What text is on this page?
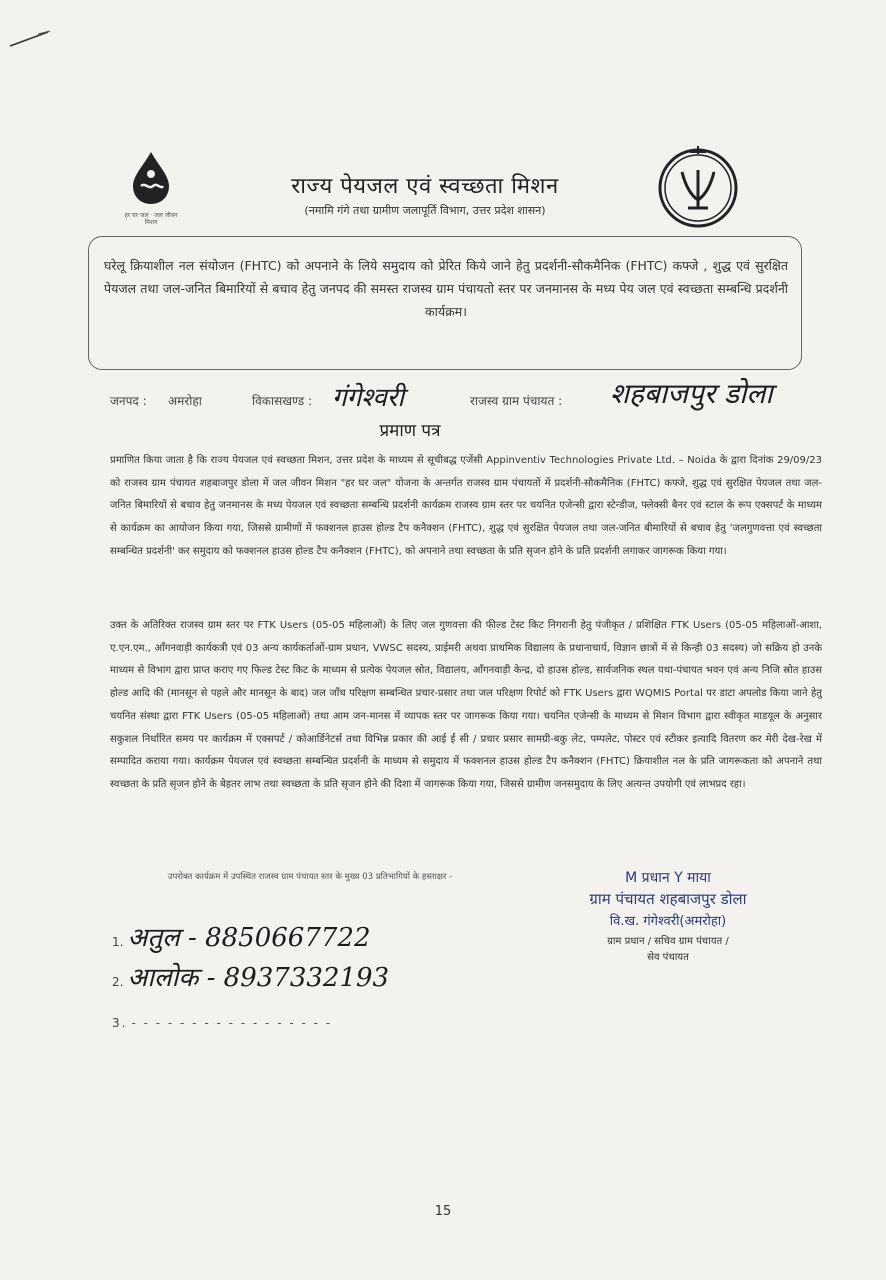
हर घर जल · जल जीवन मिशन
राज्य पेयजल एवं स्वच्छता मिशन
(नमामि गंगे तथा ग्रामीण जलापूर्ति विभाग, उत्तर प्रदेश शासन)
घरेलू क्रियाशील नल संयोजन (FHTC) को अपनाने के लिये समुदाय को प्रेरित किये जाने हेतु प्रदर्शनी-सौकमैनिक (FHTC) कफ्जे , शुद्ध एवं सुरक्षित पेयजल तथा जल-जनित बिमारियों से बचाव हेतु जनपद की समस्त राजस्व ग्राम पंचायतो स्तर पर जनमानस के मध्य पेय जल एवं स्वच्छता सम्बन्धि प्रदर्शनी कार्यक्रम।
जनपद : अमरोहा	विकासखण्ड : गंगेश्वरी	राजस्व ग्राम पंचायत : शहबाजपुर डोला
प्रमाण पत्र
प्रमाणित किया जाता है कि राज्य पेयजल एवं स्वच्छता मिशन, उत्तर प्रदेश के माध्यम से सूचीबद्ध एजेंसी Appinventiv Technologies Private Ltd. – Noida के द्वारा दिनांक 29/09/23 को राजस्व ग्राम पंचायत शहबाजपुर डोला में जल जीवन मिशन "हर घर जल" योजना के अन्तर्गत राजस्व ग्राम पंचायतों में प्रदर्शनी-सौकमैनिक (FHTC) कफ्जे, शुद्ध एवं सुरक्षित पेयजल तथा जल-जनित बिमारियों से बचाव हेतु जनमानस के मध्य पेयजल एवं स्वच्छता सम्बन्धि प्रदर्शनी कार्यक्रम राजस्व ग्राम स्तर पर चयनित एजेन्सी द्वारा स्टेन्डीज, फ्लेक्सी बैनर एवं स्टाल के रूप एक्सपर्ट के माध्यम से कार्यक्रम का आयोजन किया गया, जिससे ग्रामीणों में फक्शनल हाउस होल्ड टैप कनैक्शन (FHTC), शुद्ध एवं सुरक्षित पेयजल तथा जल-जनित बीमारियों से बचाव हेतु 'जलगुणवत्ता एवं स्वच्छता सम्बन्धित प्रदर्शनी' कर समुदाय को फक्शनल हाउस होल्ड टैप कनैक्शन (FHTC), को अपनाने तथा स्वच्छता के प्रति सृजन होने के प्रति प्रदर्शनी लगाकर जागरूक किया गया।
उक्त के अतिरिक्त राजस्व ग्राम स्तर पर FTK Users (05-05 महिलाओं) के लिए जल गुणवत्ता की फील्ड टेस्ट किट निगरानी हेतु पंजीकृत / प्रशिक्षित FTK Users (05-05 महिलाओं-आशा, ए.एन.एम., आँगनवाड़ी कार्यकत्री एवं 03 अन्य कार्यकर्ताओं-ग्राम प्रधान, VWSC सदस्य, प्राईमरी अथवा प्राथमिक विद्यालय के प्रधानाचार्य, विज्ञान छात्रों में से किन्ही 03 सदस्य) जो सक्रिय हो उनके माध्यम से विभाग द्वारा प्राप्त कराए गए फिल्ड टेस्ट किट के माध्यम से प्रत्येक पेयजल स्रोत, विद्यालय, आँगनवाड़ी केन्द्र, दो हाउस होल्ड, सार्वजनिक स्थल यथा-पंचायत भवन एवं अन्य निजि स्रोत हाउस होल्ड आदि की (मानसून से पहले और मानसून के बाद) जल जाँच परिक्षण सम्बन्धित प्रचार-प्रसार तथा जल परिक्षण रिपोर्ट को FTK Users द्वारा WQMIS Portal पर डाटा अपलोड किया जाने हेतु चयनित संस्था द्वारा FTK Users (05-05 महिलाओं) तथा आम जन-मानस में व्यापक स्तर पर जागरूक किया गया। चयनित एजेन्सी के माध्यम से मिशन विभाग द्वारा स्वीकृत माडयूल के अनुसार सकुशल निर्धारित समय पर कार्यक्रम में एक्सपर्ट / कोआर्डिनेटर्स तथा विभिन्न प्रकार की आई ई सी / प्रचार प्रसार सामग्री-बकु लेट, पम्पलेट, पोस्टर एवं स्टीकर इत्यादि वितरण कर मेरी देख-रेख में सम्पादित कराया गया। कार्यक्रम पेयजल एवं स्वच्छता सम्बन्धित प्रदर्शनी के माध्यम से समुदाय में फक्शनल हाउस होल्ड टैप कनैक्शन (FHTC) क्रियाशील नल के प्रति जागरूकता को अपनाने तथा स्वच्छता के प्रति सृजन होने के बेहतर लाभ तथा स्वच्छता के प्रति सृजन होने की दिशा में जागरूक किया गया, जिससे ग्रामीण जनसमुदाय के लिए अत्यन्त उपयोगी एवं लाभप्रद रहा।
उपरोक्त कार्यक्रम में उपस्थित राजस्व ग्राम पंचायत स्तर के मुख्य 03 प्रतिभागियों के हस्ताक्षर -
1. अतुल - 8850667722
2. आलोक - 8937332193
3. - - - - - - - - - - - - - - - - -
M प्रधान Y माया
ग्राम पंचायत शहबाजपुर डोला
वि.ख. गंगेश्वरी(अमरोहा)
ग्राम प्रधान / सचिव ग्राम पंचायत /
सेव पंचायत
15
